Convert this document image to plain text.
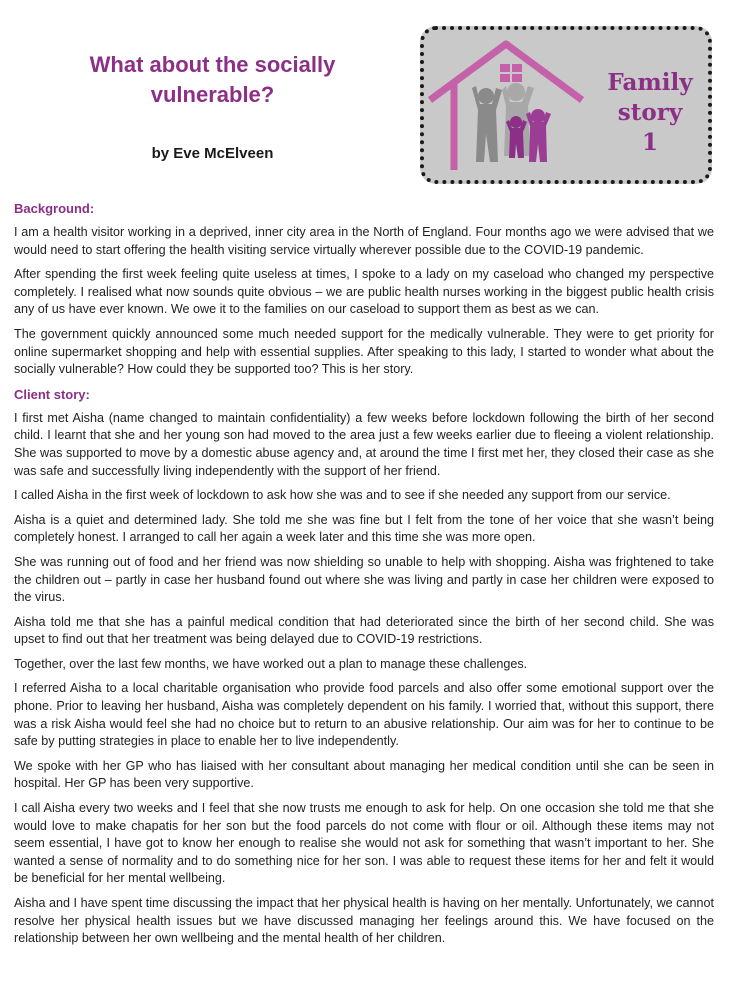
What about the socially vulnerable?
by Eve McElveen
Family
story
1
Background:

I am a health visitor working in a deprived, inner city area in the North of England. Four months ago we were advised that we would need to start offering the health visiting service virtually wherever possible due to the COVID-19 pandemic.

After spending the first week feeling quite useless at times, I spoke to a lady on my caseload who changed my perspective completely. I realised what now sounds quite obvious – we are public health nurses working in the biggest public health crisis any of us have ever known. We owe it to the families on our caseload to support them as best as we can.

The government quickly announced some much needed support for the medically vulnerable. They were to get priority for online supermarket shopping and help with essential supplies. After speaking to this lady, I started to wonder what about the socially vulnerable? How could they be supported too? This is her story.

Client story:

I first met Aisha (name changed to maintain confidentiality) a few weeks before lockdown following the birth of her second child. I learnt that she and her young son had moved to the area just a few weeks earlier due to fleeing a violent relationship. She was supported to move by a domestic abuse agency and, at around the time I first met her, they closed their case as she was safe and successfully living independently with the support of her friend.

I called Aisha in the first week of lockdown to ask how she was and to see if she needed any support from our service.

Aisha is a quiet and determined lady. She told me she was fine but I felt from the tone of her voice that she wasn’t being completely honest. I arranged to call her again a week later and this time she was more open.

She was running out of food and her friend was now shielding so unable to help with shopping. Aisha was frightened to take the children out – partly in case her husband found out where she was living and partly in case her children were exposed to the virus.

Aisha told me that she has a painful medical condition that had deteriorated since the birth of her second child. She was upset to find out that her treatment was being delayed due to COVID-19 restrictions.

Together, over the last few months, we have worked out a plan to manage these challenges.

I referred Aisha to a local charitable organisation who provide food parcels and also offer some emotional support over the phone. Prior to leaving her husband, Aisha was completely dependent on his family. I worried that, without this support, there was a risk Aisha would feel she had no choice but to return to an abusive relationship. Our aim was for her to continue to be safe by putting strategies in place to enable her to live independently.

We spoke with her GP who has liaised with her consultant about managing her medical condition until she can be seen in hospital. Her GP has been very supportive.

I call Aisha every two weeks and I feel that she now trusts me enough to ask for help. On one occasion she told me that she would love to make chapatis for her son but the food parcels do not come with flour or oil. Although these items may not seem essential, I have got to know her enough to realise she would not ask for something that wasn’t important to her. She wanted a sense of normality and to do something nice for her son. I was able to request these items for her and felt it would be beneficial for her mental wellbeing.

Aisha and I have spent time discussing the impact that her physical health is having on her mentally. Unfortunately, we cannot resolve her physical health issues but we have discussed managing her feelings around this. We have focused on the relationship between her own wellbeing and the mental health of her children.
